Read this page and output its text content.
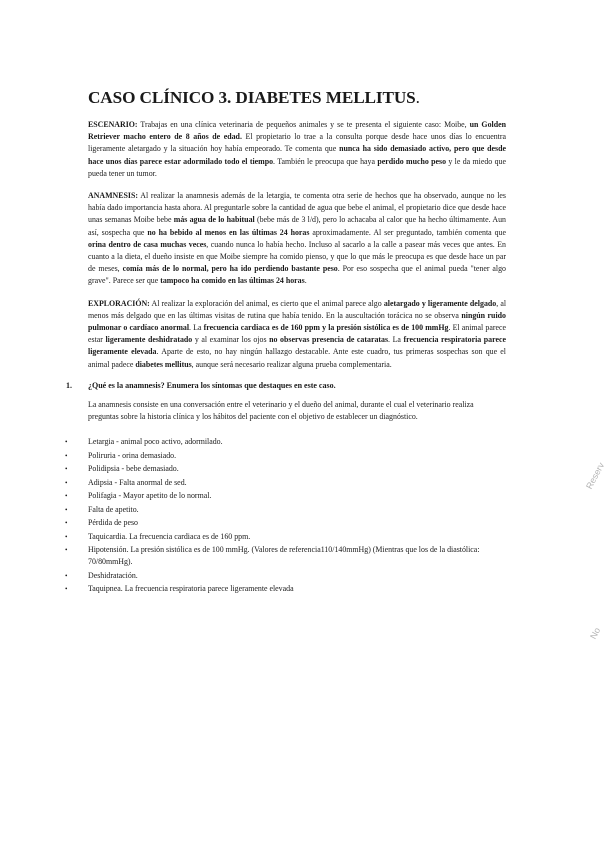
CASO CLÍNICO 3. DIABETES MELLITUS.

ESCENARIO: Trabajas en una clínica veterinaria de pequeños animales y se te presenta el siguiente caso: Moibe, un Golden Retriever macho entero de 8 años de edad. El propietario lo trae a la consulta porque desde hace unos días lo encuentra ligeramente aletargado y la situación hoy había empeorado. Te comenta que nunca ha sido demasiado activo, pero que desde hace unos días parece estar adormilado todo el tiempo. También le preocupa que haya perdido mucho peso y le da miedo que pueda tener un tumor.

ANAMNESIS: Al realizar la anamnesis además de la letargia, te comenta otra serie de hechos que ha observado, aunque no les había dado importancia hasta ahora. Al preguntarle sobre la cantidad de agua que bebe el animal, el propietario dice que desde hace unas semanas Moibe bebe más agua de lo habitual (bebe más de 3 l/d), pero lo achacaba al calor que ha hecho últimamente. Aun así, sospecha que no ha bebido al menos en las últimas 24 horas aproximadamente. Al ser preguntado, también comenta que orina dentro de casa muchas veces, cuando nunca lo había hecho. Incluso al sacarlo a la calle a pasear más veces que antes. En cuanto a la dieta, el dueño insiste en que Moibe siempre ha comido pienso, y que lo que más le preocupa es que desde hace un par de meses, comía más de lo normal, pero ha ido perdiendo bastante peso. Por eso sospecha que el animal pueda "tener algo grave". Parece ser que tampoco ha comido en las últimas 24 horas.

EXPLORACIÓN: Al realizar la exploración del animal, es cierto que el animal parece algo aletargado y ligeramente delgado, al menos más delgado que en las últimas visitas de rutina que había tenido. En la auscultación torácica no se observa ningún ruido pulmonar o cardíaco anormal. La frecuencia cardiaca es de 160 ppm y la presión sistólica es de 100 mmHg. El animal parece estar ligeramente deshidratado y al examinar los ojos no observas presencia de cataratas. La frecuencia respiratoria parece ligeramente elevada. Aparte de esto, no hay ningún hallazgo destacable. Ante este cuadro, tus primeras sospechas son que el animal padece diabetes mellitus, aunque será necesario realizar alguna prueba complementaria.

1. ¿Qué es la anamnesis? Enumera los síntomas que destaques en este caso.

La anamnesis consiste en una conversación entre el veterinario y el dueño del animal, durante el cual el veterinario realiza preguntas sobre la historia clínica y los hábitos del paciente con el objetivo de establecer un diagnóstico.

•	Letargia - animal poco activo, adormilado.
•	Poliruria - orina demasiado.
•	Polidipsia - bebe demasiado.
•	Adipsia - Falta anormal de sed.
•	Polifagia - Mayor apetito de lo normal.
•	Falta de apetito.
•	Pérdida de peso
•	Taquicardia. La frecuencia cardiaca es de 160 ppm.
•	Hipotensión. La presión sistólica es de 100 mmHg. (Valores de referencia110/140mmHg) (Mientras que los de la diastólica: 70/80mmHg).
•	Deshidratación.
•	Taquipnea. La frecuencia respiratoria parece ligeramente elevada
Reserv
No
